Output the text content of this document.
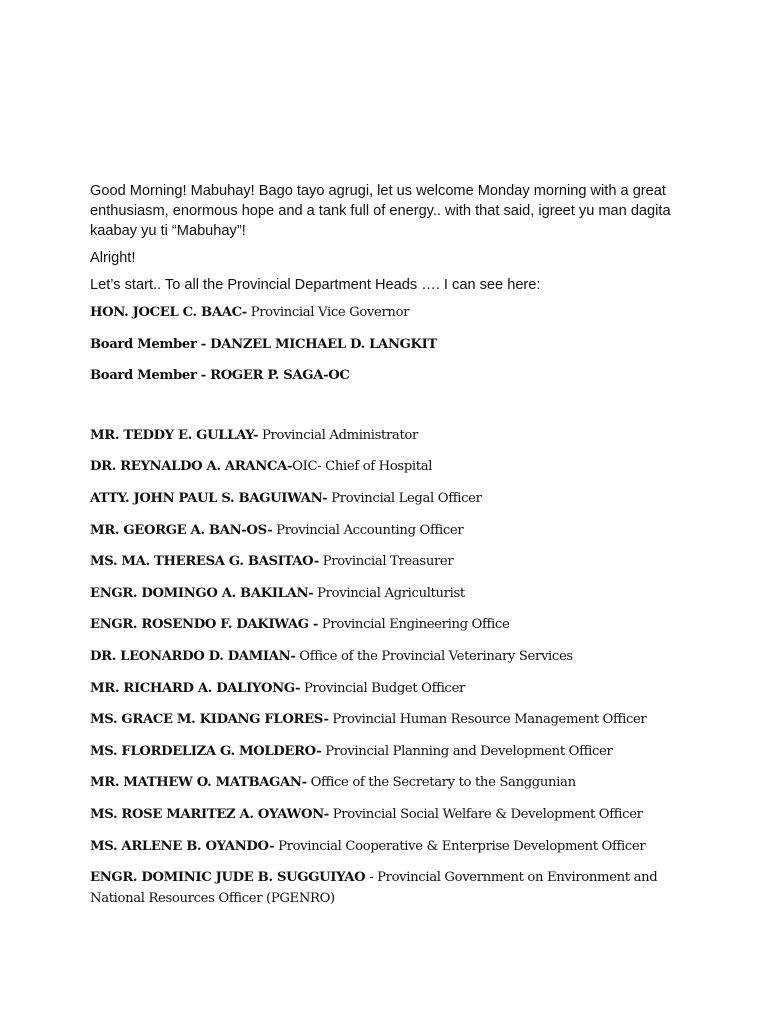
Good Morning! Mabuhay! Bago tayo agrugi, let us welcome Monday morning with a great enthusiasm, enormous hope and a tank full of energy.. with that said, igreet yu man dagita kaabay yu ti “Mabuhay”!

Alright!

Let’s start.. To all the Provincial Department Heads …. I can see here:

HON. JOCEL C. BAAC- Provincial Vice Governor
Board Member - DANZEL MICHAEL D. LANGKIT
Board Member - ROGER P. SAGA-OC
MR. TEDDY E. GULLAY- Provincial Administrator
DR. REYNALDO A. ARANCA-OIC- Chief of Hospital
ATTY. JOHN PAUL S. BAGUIWAN- Provincial Legal Officer
MR. GEORGE A. BAN-OS- Provincial Accounting Officer
MS. MA. THERESA G. BASITAO- Provincial Treasurer
ENGR. DOMINGO A. BAKILAN- Provincial Agriculturist
ENGR. ROSENDO F. DAKIWAG - Provincial Engineering Office
DR. LEONARDO D. DAMIAN- Office of the Provincial Veterinary Services
MR. RICHARD A. DALIYONG- Provincial Budget Officer
MS. GRACE M. KIDANG FLORES- Provincial Human Resource Management Officer
MS. FLORDELIZA G. MOLDERO- Provincial Planning and Development Officer
MR. MATHEW O. MATBAGAN- Office of the Secretary to the Sanggunian
MS. ROSE MARITEZ A. OYAWON- Provincial Social Welfare & Development Officer
MS. ARLENE B. OYANDO- Provincial Cooperative & Enterprise Development Officer
ENGR. DOMINIC JUDE B. SUGGUIYAO - Provincial Government on Environment and National Resources Officer (PGENRO)
